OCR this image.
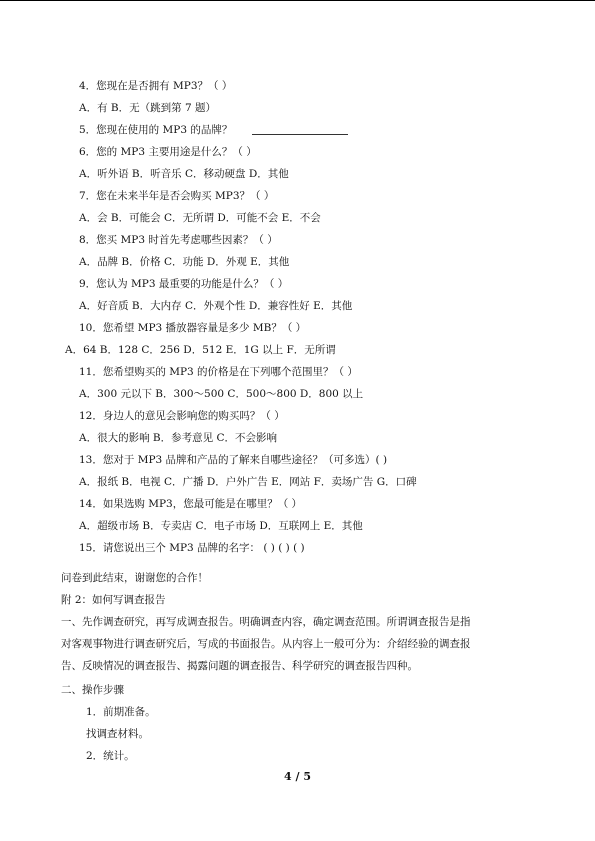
4．您现在是否拥有 MP3？（ ）
A．有 B．无（跳到第 7 题）
5．您现在使用的 MP3 的品牌？
6．您的 MP3 主要用途是什么？（ ）
A．听外语 B．听音乐 C．移动硬盘 D．其他
7．您在未来半年是否会购买 MP3？（ ）
A．会 B．可能会 C．无所谓 D．可能不会 E．不会
8．您买 MP3 时首先考虑哪些因素？（ ）
A．品牌 B．价格 C．功能 D．外观 E．其他
9．您认为 MP3 最重要的功能是什么？（ ）
A．好音质 B．大内存 C．外观个性 D．兼容性好 E．其他
10．您希望 MP3 播放器容量是多少 MB？（ ）
A．64 B．128 C．256 D．512 E．1G 以上 F．无所谓
11．您希望购买的 MP3 的价格是在下列哪个范围里？（ ）
A．300 元以下 B．300～500 C．500～800 D．800 以上
12．身边人的意见会影响您的购买吗？（ ）
A．很大的影响 B．参考意见 C．不会影响
13．您对于 MP3 品牌和产品的了解来自哪些途径？（可多选）( )
A．报纸 B．电视 C．广播 D．户外广告 E．网站 F．卖场广告 G．口碑
14．如果选购 MP3，您最可能是在哪里？（ ）
A．超级市场 B．专卖店 C．电子市场 D．互联网上 E．其他
15．请您说出三个 MP3 品牌的名字： ( ) ( ) ( )
问卷到此结束，谢谢您的合作！
附 2：如何写调查报告
一、先作调查研究，再写成调查报告。明确调查内容，确定调查范围。所谓调查报告是指
对客观事物进行调查研究后，写成的书面报告。从内容上一般可分为：介绍经验的调查报
告、反映情况的调查报告、揭露问题的调查报告、科学研究的调查报告四种。
二、操作步骤
1．前期准备。
找调查材料。
2．统计。
4 / 5
